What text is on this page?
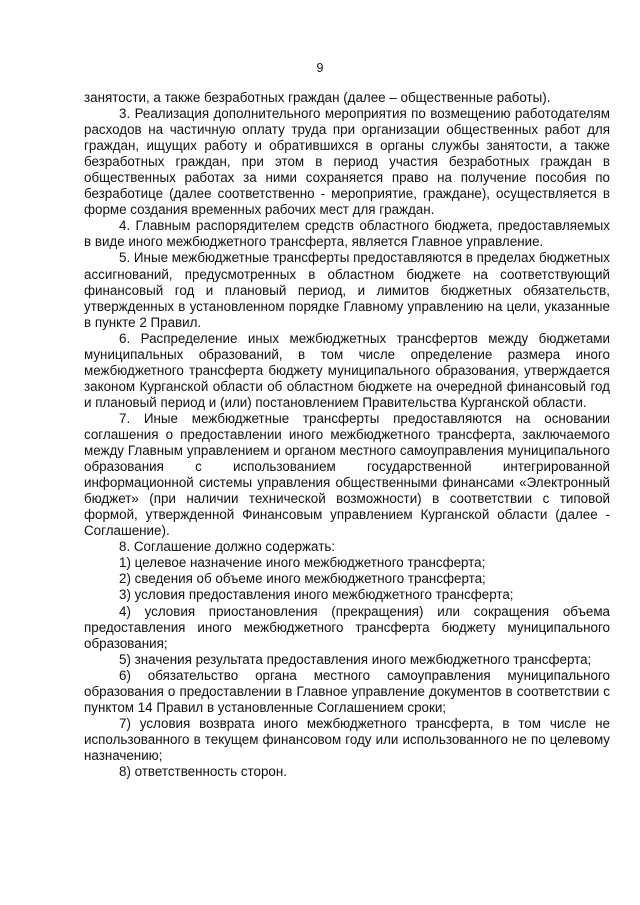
9

занятости, а также безработных граждан (далее – общественные работы).

3. Реализация дополнительного мероприятия по возмещению работодателям расходов на частичную оплату труда при организации общественных работ для граждан, ищущих работу и обратившихся в органы службы занятости, а также безработных граждан, при этом в период участия безработных граждан в общественных работах за ними сохраняется право на получение пособия по безработице (далее соответственно - мероприятие, граждане), осуществляется в форме создания временных рабочих мест для граждан.

4. Главным распорядителем средств областного бюджета, предоставляемых в виде иного межбюджетного трансферта, является Главное управление.

5. Иные межбюджетные трансферты предоставляются в пределах бюджетных ассигнований, предусмотренных в областном бюджете на соответствующий финансовый год и плановый период, и лимитов бюджетных обязательств, утвержденных в установленном порядке Главному управлению на цели, указанные в пункте 2 Правил.

6. Распределение иных межбюджетных трансфертов между бюджетами муниципальных образований, в том числе определение размера иного межбюджетного трансферта бюджету муниципального образования, утверждается законом Курганской области об областном бюджете на очередной финансовый год и плановый период и (или) постановлением Правительства Курганской области.

7. Иные межбюджетные трансферты предоставляются на основании соглашения о предоставлении иного межбюджетного трансферта, заключаемого между Главным управлением и органом местного самоуправления муниципального образования с использованием государственной интегрированной информационной системы управления общественными финансами «Электронный бюджет» (при наличии технической возможности) в соответствии с типовой формой, утвержденной Финансовым управлением Курганской области (далее - Соглашение).

8. Соглашение должно содержать:

1) целевое назначение иного межбюджетного трансферта;

2) сведения об объеме иного межбюджетного трансферта;

3) условия предоставления иного межбюджетного трансферта;

4) условия приостановления (прекращения) или сокращения объема предоставления иного межбюджетного трансферта бюджету муниципального образования;

5) значения результата предоставления иного межбюджетного трансферта;

6) обязательство органа местного самоуправления муниципального образования о предоставлении в Главное управление документов в соответствии с пунктом 14 Правил в установленные Соглашением сроки;

7) условия возврата иного межбюджетного трансферта, в том числе не использованного в текущем финансовом году или использованного не по целевому назначению;

8) ответственность сторон.
